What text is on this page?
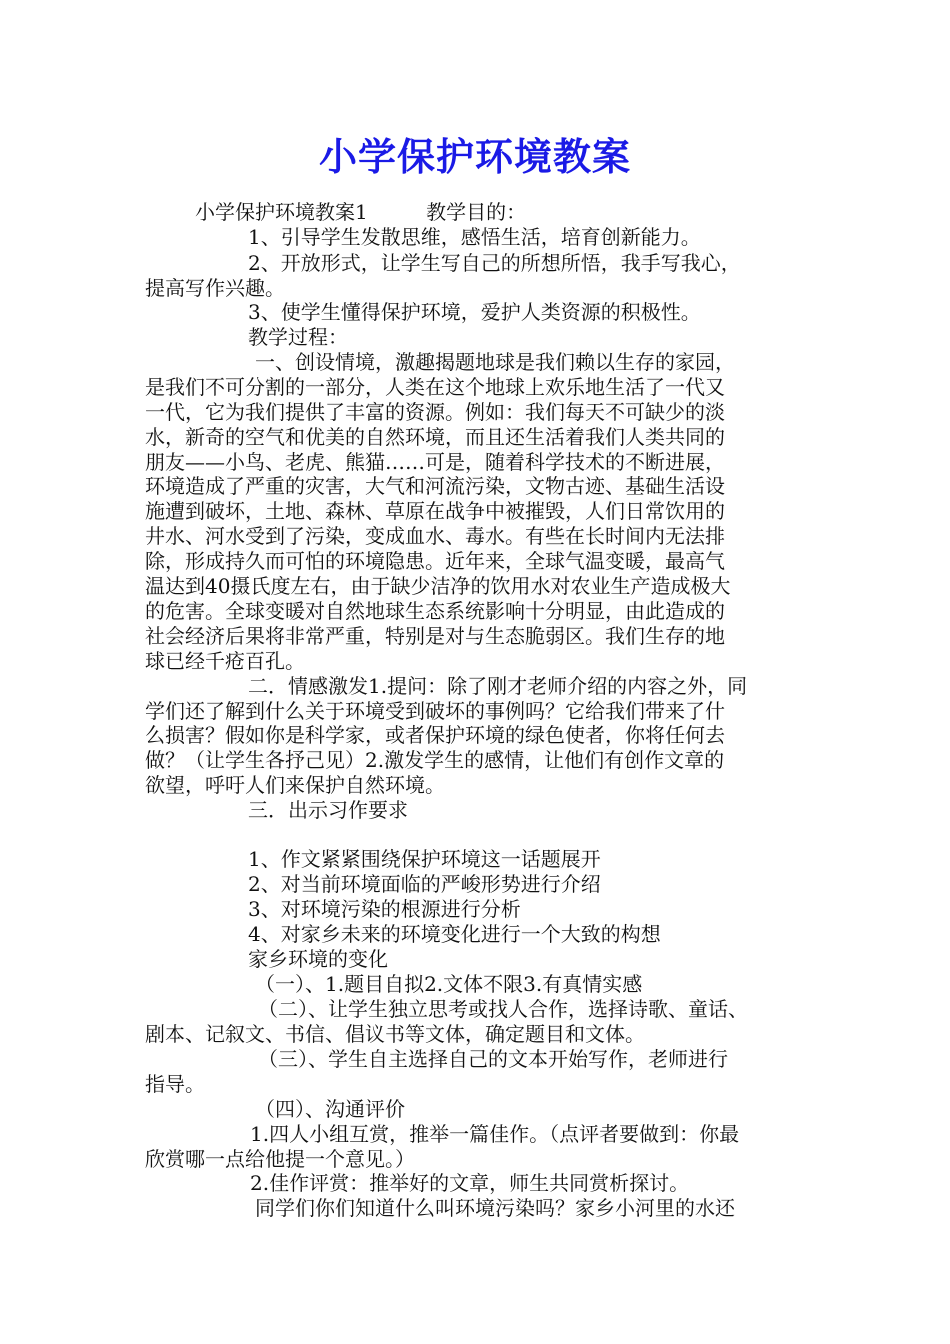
小学保护环境教案
小学保护环境教案1	教学目的：
1、引导学生发散思维，感悟生活，培育创新能力。
2、开放形式，让学生写自己的所想所悟，我手写我心，
提高写作兴趣。
3、使学生懂得保护环境，爱护人类资源的积极性。
教学过程：
一、创设情境，激趣揭题地球是我们赖以生存的家园，
是我们不可分割的一部分，人类在这个地球上欢乐地生活了一代又
一代，它为我们提供了丰富的资源。例如：我们每天不可缺少的淡
水，新奇的空气和优美的自然环境，而且还生活着我们人类共同的
朋友——小鸟、老虎、熊猫……可是，随着科学技术的不断进展，
环境造成了严重的灾害，大气和河流污染，文物古迹、基础生活设
施遭到破坏，土地、森林、草原在战争中被摧毁，人们日常饮用的
井水、河水受到了污染，变成血水、毒水。有些在长时间内无法排
除，形成持久而可怕的环境隐患。近年来，全球气温变暖，最高气
温达到40摄氏度左右，由于缺少洁净的饮用水对农业生产造成极大
的危害。全球变暖对自然地球生态系统影响十分明显，由此造成的
社会经济后果将非常严重，特别是对与生态脆弱区。我们生存的地
球已经千疮百孔。
二．情感激发1.提问：除了刚才老师介绍的内容之外，同
学们还了解到什么关于环境受到破坏的事例吗？它给我们带来了什
么损害？假如你是科学家，或者保护环境的绿色使者，你将任何去
做？（让学生各抒己见）2.激发学生的感情，让他们有创作文章的
欲望，呼吁人们来保护自然环境。
三．出示习作要求
1、作文紧紧围绕保护环境这一话题展开
2、对当前环境面临的严峻形势进行介绍
3、对环境污染的根源进行分析
4、对家乡未来的环境变化进行一个大致的构想
家乡环境的变化
（一）、1.题目自拟2.文体不限3.有真情实感
（二）、让学生独立思考或找人合作，选择诗歌、童话、
剧本、记叙文、书信、倡议书等文体，确定题目和文体。
（三）、学生自主选择自己的文本开始写作，老师进行
指导。
（四）、沟通评价
1.四人小组互赏，推举一篇佳作。（点评者要做到：你最
欣赏哪一点给他提一个意见。）
2.佳作评赏：推举好的文章，师生共同赏析探讨。
同学们你们知道什么叫环境污染吗？家乡小河里的水还
